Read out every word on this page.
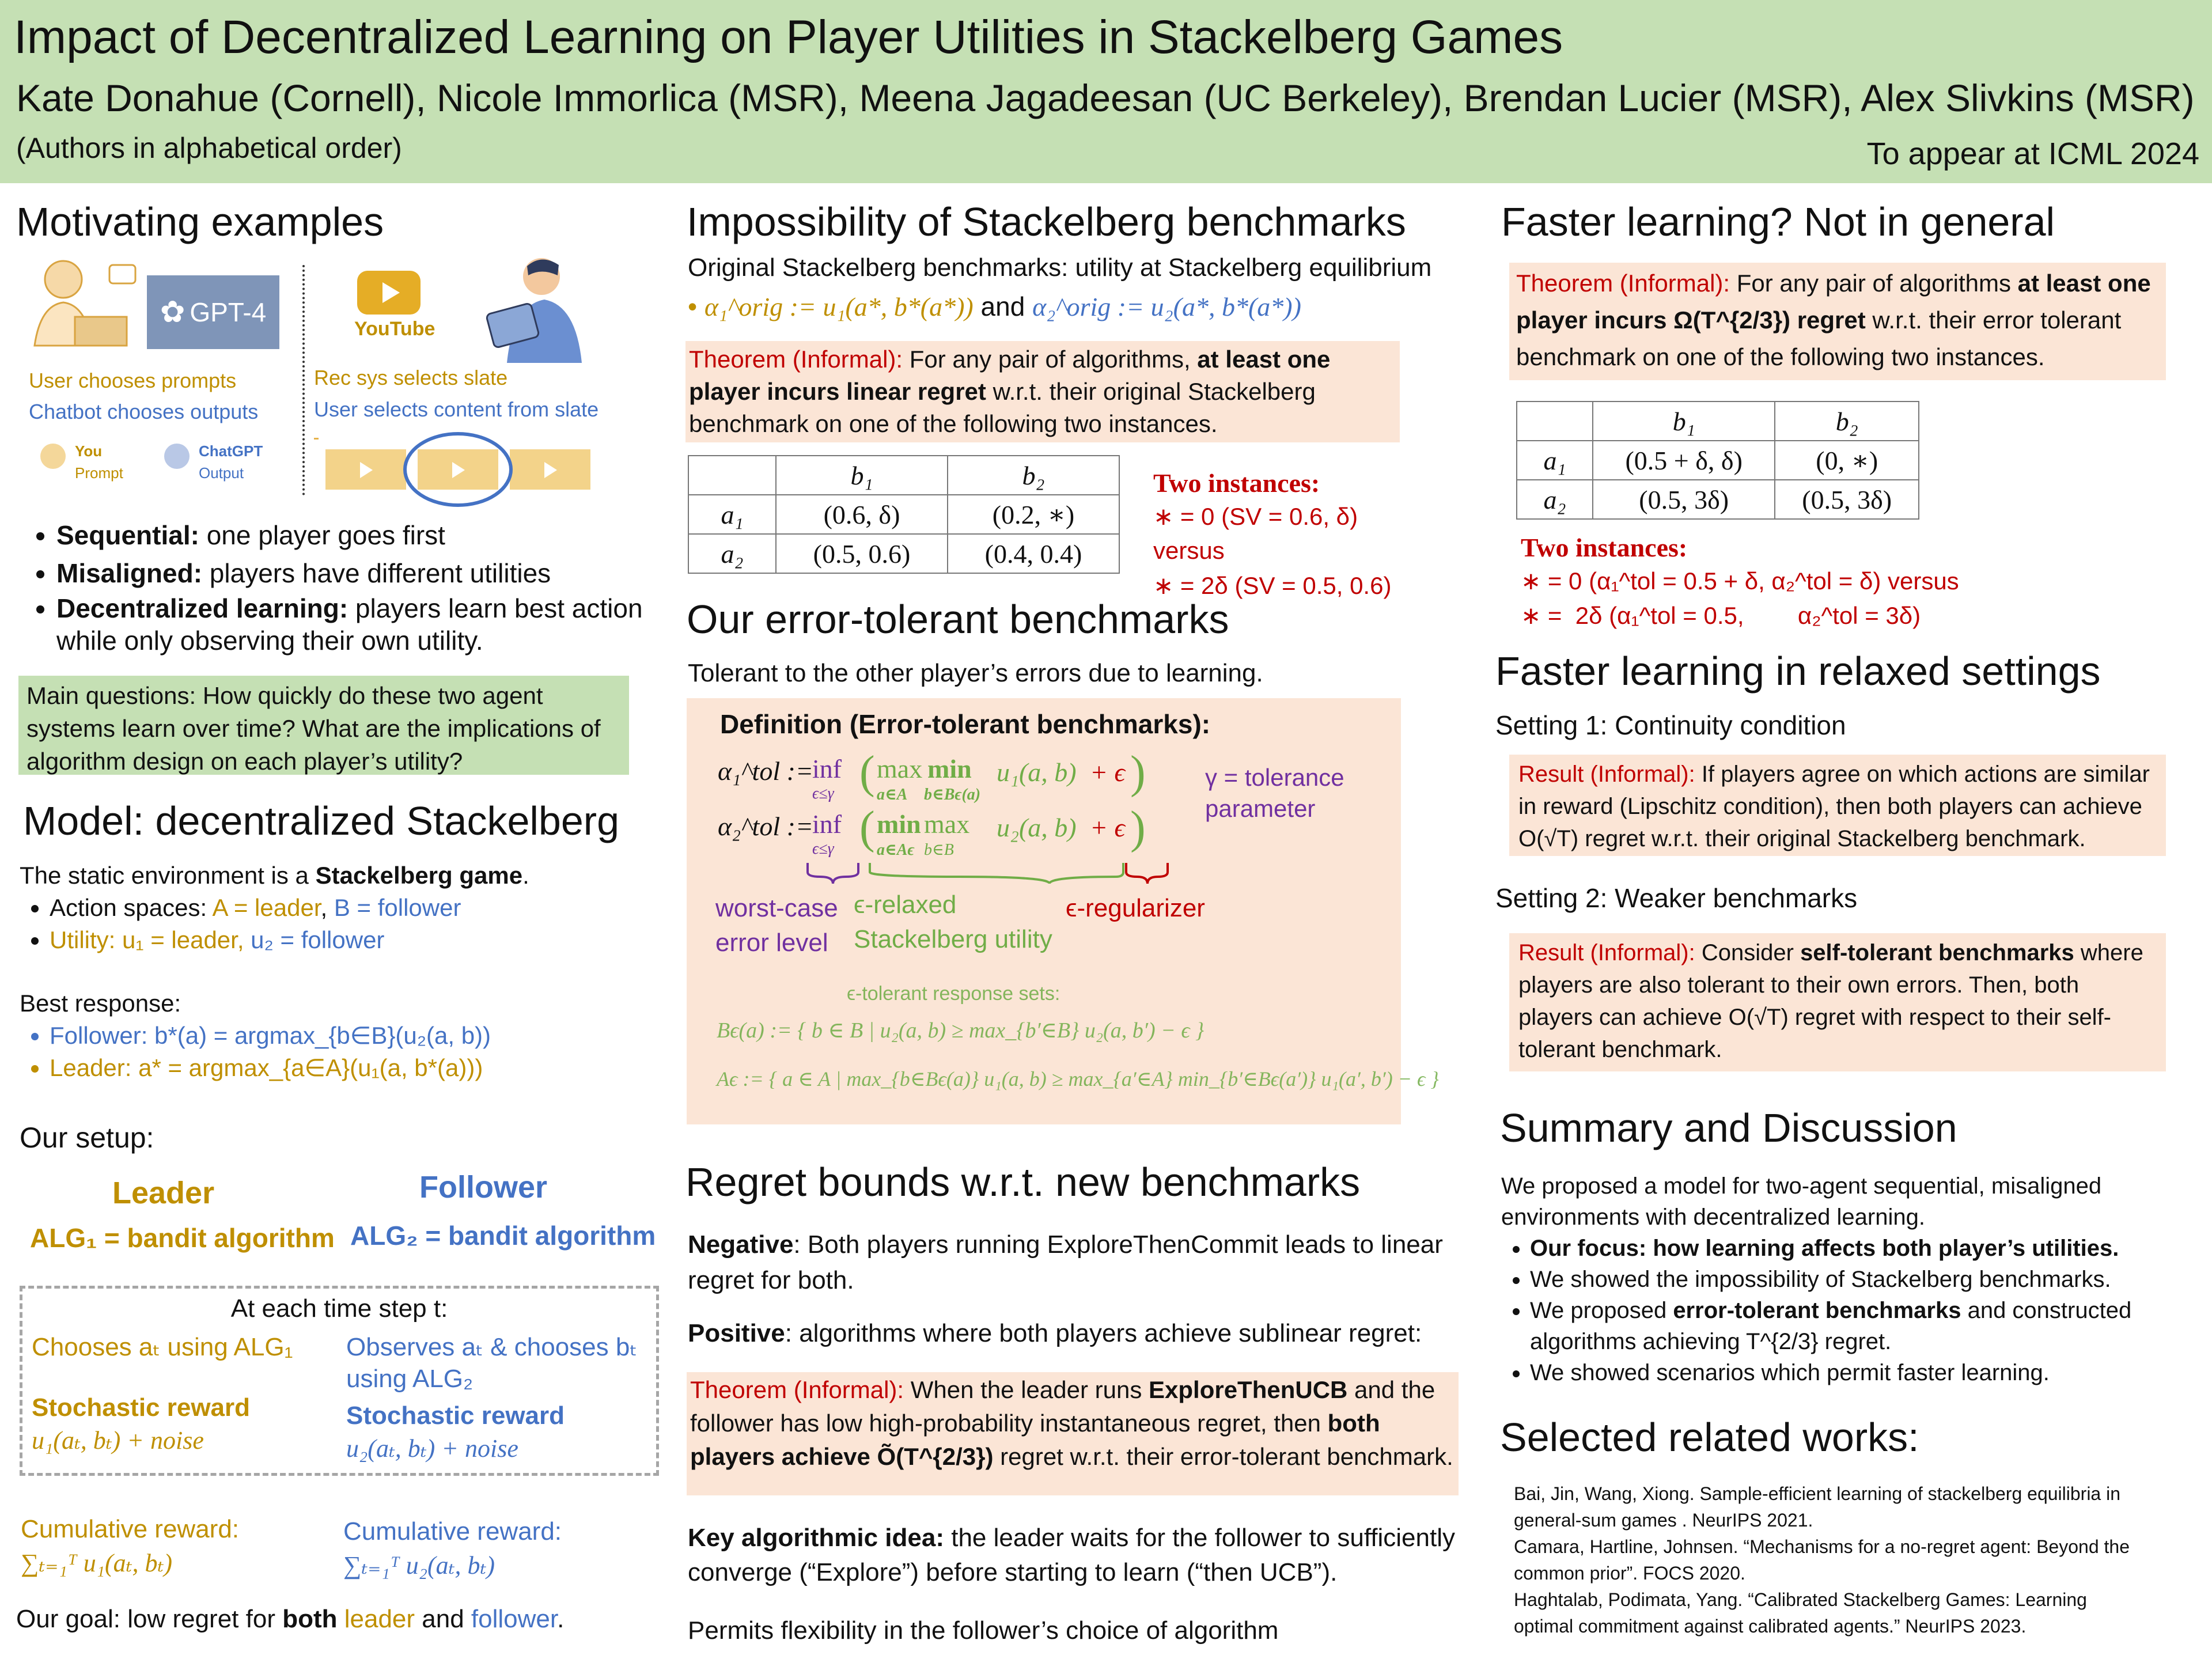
Impact of Decentralized Learning on Player Utilities in Stackelberg Games
Kate Donahue (Cornell), Nicole Immorlica (MSR), Meena Jagadeesan (UC Berkeley), Brendan Lucier (MSR), Alex Slivkins (MSR)
(Authors in alphabetical order)	To appear at ICML 2024
Motivating examples
✿ GPT-4
YouTube
User chooses prompts
Chatbot chooses outputs
You
Prompt
ChatGPT
Output
Rec sys selects slate
User selects content from slate
• Sequential: one player goes first
• Misaligned: players have different utilities
• Decentralized learning: players learn best action while only observing their own utility.
Main questions: How quickly do these two agent systems learn over time? What are the implications of algorithm design on each player’s utility?
Model: decentralized Stackelberg
The static environment is a Stackelberg game.
• Action spaces: A = leader, B = follower
• Utility: u₁ = leader, u₂ = follower
Best response:
• Follower: b*(a) = argmax_{b∈B}(u₂(a, b))
• Leader: a* = argmax_{a∈A}(u₁(a, b*(a)))
Our setup:
Leader	Follower
ALG₁ = bandit algorithm ALG₂ = bandit algorithm
At each time step t:
Chooses aₜ using ALG₁ Observes aₜ & chooses bₜ
using ALG₂
Stochastic reward
u₁(aₜ, bₜ) + noise
Stochastic reward
u₂(aₜ, bₜ) + noise
Cumulative reward:
∑ₜ₌₁ᵀ u₁(aₜ, bₜ)
Cumulative reward:
∑ₜ₌₁ᵀ u₂(aₜ, bₜ)
Our goal: low regret for both leader and follower.
Impossibility of Stackelberg benchmarks
Original Stackelberg benchmarks: utility at Stackelberg equilibrium
• α₁^orig := u₁(a*, b*(a*)) and α₂^orig := u₂(a*, b*(a*))
Theorem (Informal): For any pair of algorithms, at least one player incurs linear regret w.r.t. their original Stackelberg benchmark on one of the following two instances.
	b₁	b₂
a₁	(0.6, δ)	(0.2, ∗)
a₂	(0.5, 0.6)	(0.4, 0.4)
Two instances:
∗ = 0 (SV = 0.6, δ)
versus
∗ = 2δ (SV = 0.5, 0.6)
Our error-tolerant benchmarks
Tolerant to the other player’s errors due to learning.
Definition (Error-tolerant benchmarks):
α₁^tol :=
inf
ϵ≤γ ( max
a∈A
min
b∈Bϵ(a)
u₁(a, b) + ϵ )
α₂^tol :=
inf
ϵ≤γ ( min
a∈Aϵ
max
b∈B
u₂(a, b) + ϵ )
γ = tolerance
parameter
worst-case
error level
ϵ-relaxed
Stackelberg utility
ϵ-regularizer
ϵ-tolerant response sets:
Bϵ(a) := { b ∈ B | u₂(a, b) ≥ max_{b′∈B} u₂(a, b′) − ϵ }
Aϵ := { a ∈ A | max_{b∈Bϵ(a)} u₁(a, b) ≥ max_{a′∈A} min_{b′∈Bϵ(a′)} u₁(a′, b′) − ϵ }
Regret bounds w.r.t. new benchmarks
Negative: Both players running ExploreThenCommit leads to linear regret for both.
Positive: algorithms where both players achieve sublinear regret:
Theorem (Informal): When the leader runs ExploreThenUCB and the follower has low high-probability instantaneous regret, then both players achieve Õ(T^{2/3}) regret w.r.t. their error-tolerant benchmark.
Key algorithmic idea: the leader waits for the follower to sufficiently converge (“Explore”) before starting to learn (“then UCB”).
Permits flexibility in the follower’s choice of algorithm
Faster learning? Not in general
Theorem (Informal): For any pair of algorithms at least one player incurs Ω(T^{2/3}) regret w.r.t. their error tolerant benchmark on one of the following two instances.
	b₁	b₂
a₁	(0.5 + δ, δ)	(0, ∗)
a₂	(0.5, 3δ)	(0.5, 3δ)
Two instances:
∗ = 0 (α₁^tol = 0.5 + δ, α₂^tol = δ) versus
∗ =  2δ (α₁^tol = 0.5,        α₂^tol = 3δ)
Faster learning in relaxed settings
Setting 1: Continuity condition
Result (Informal): If players agree on which actions are similar in reward (Lipschitz condition), then both players can achieve O(√T) regret w.r.t. their original Stackelberg benchmark.
Setting 2: Weaker benchmarks
Result (Informal): Consider self-tolerant benchmarks where players are also tolerant to their own errors. Then, both players can achieve O(√T) regret with respect to their self-tolerant benchmark.
Summary and Discussion
We proposed a model for two-agent sequential, misaligned environments with decentralized learning.
• Our focus: how learning affects both player’s utilities.
• We showed the impossibility of Stackelberg benchmarks.
• We proposed error-tolerant benchmarks and constructed algorithms achieving T^{2/3} regret.
• We showed scenarios which permit faster learning.
Selected related works:
Bai, Jin, Wang, Xiong. Sample-efficient learning of stackelberg equilibria in general-sum games . NeurIPS 2021.
Camara, Hartline, Johnsen. “Mechanisms for a no-regret agent: Beyond the common prior”. FOCS 2020.
Haghtalab, Podimata, Yang. “Calibrated Stackelberg Games: Learning optimal commitment against calibrated agents.” NeurIPS 2023.
